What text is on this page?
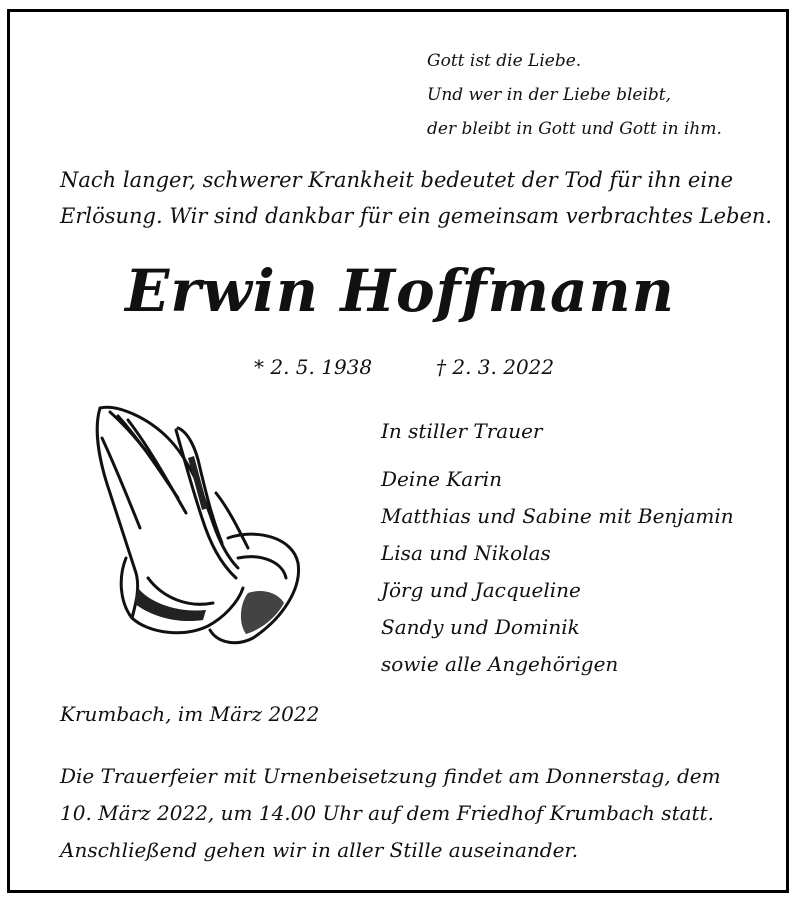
Gott ist die Liebe.
Und wer in der Liebe bleibt,
der bleibt in Gott und Gott in ihm.
Nach langer, schwerer Krankheit bedeutet der Tod für ihn eine
Erlösung. Wir sind dankbar für ein gemeinsam verbrachtes Leben.
Erwin Hoffmann
* 2. 5. 1938	† 2. 3. 2022
In stiller Trauer
Deine Karin
Matthias und Sabine mit Benjamin
Lisa und Nikolas
Jörg und Jacqueline
Sandy und Dominik
sowie alle Angehörigen
Krumbach, im März 2022
Die Trauerfeier mit Urnenbeisetzung findet am Donnerstag, dem
10. März 2022, um 14.00 Uhr auf dem Friedhof Krumbach statt.
Anschließend gehen wir in aller Stille auseinander.
